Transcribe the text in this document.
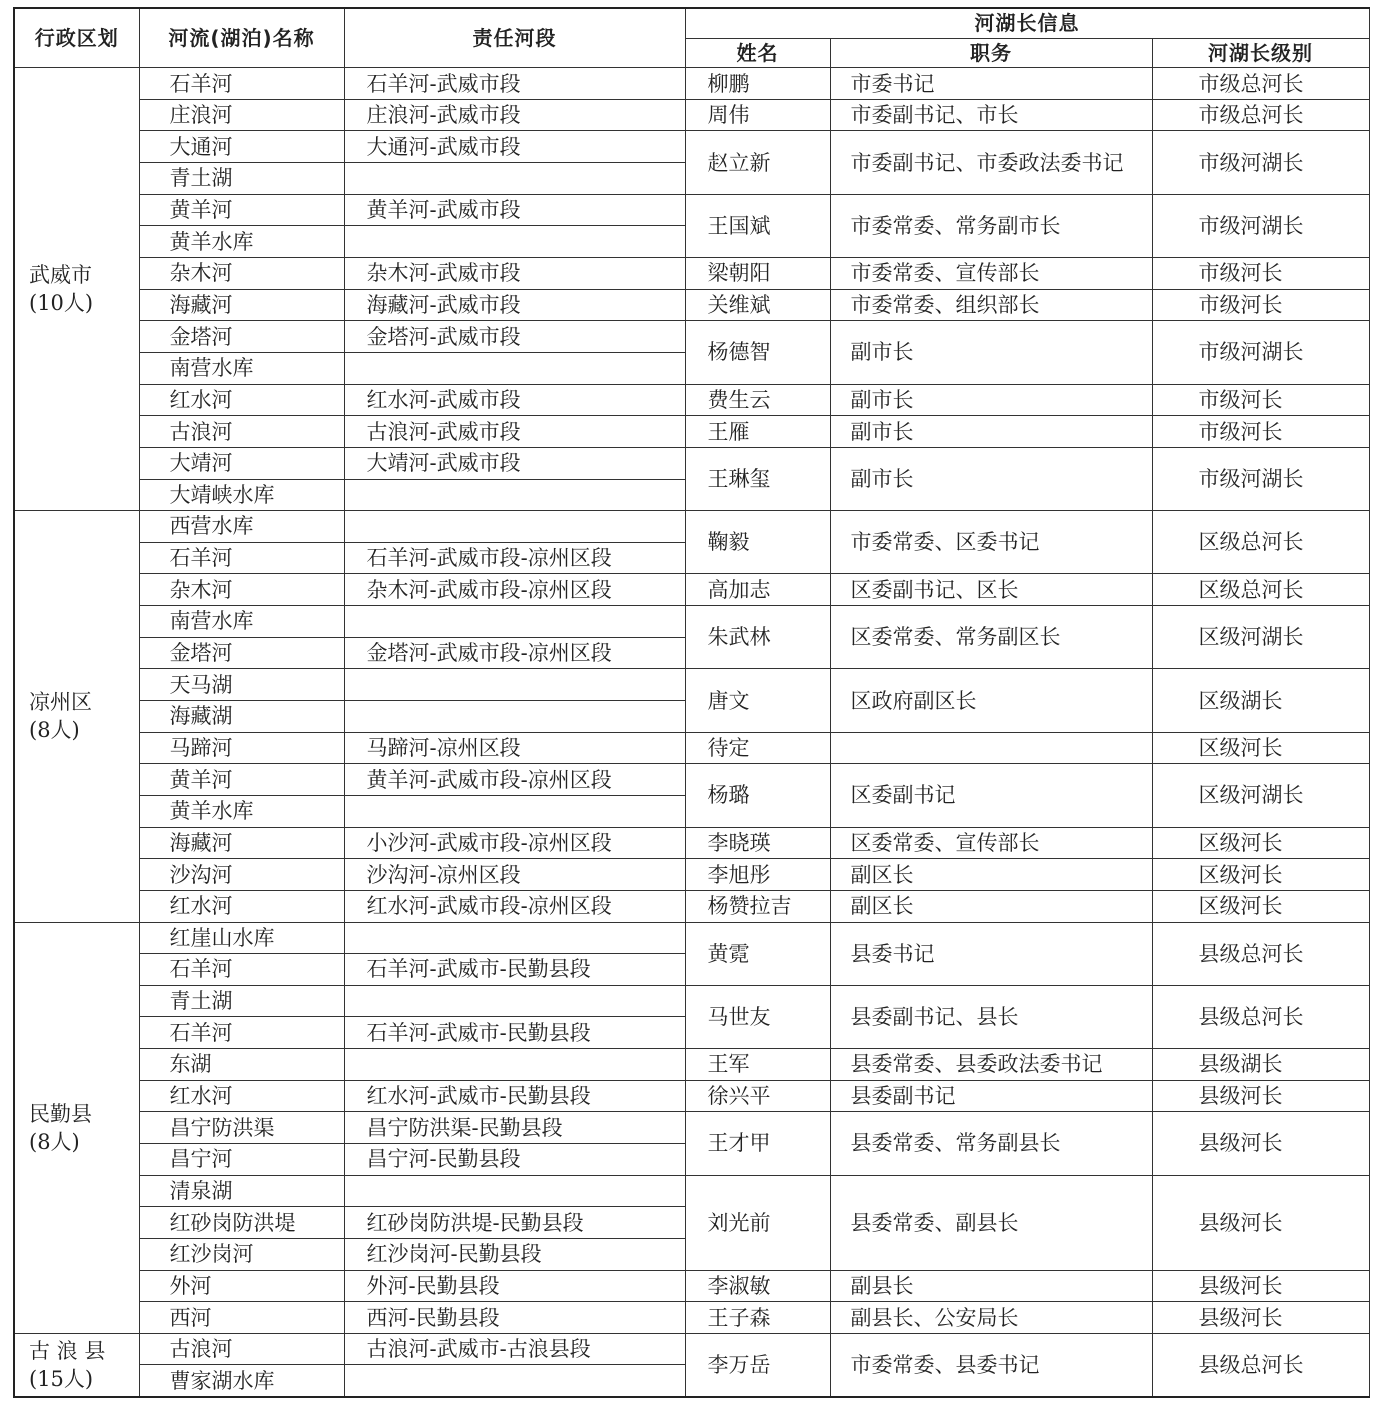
行政区划	河流(湖泊)名称	责任河段	河湖长信息		
			姓名	职务	河湖长级别

武威市
(10人)	石羊河	石羊河-武威市段	柳鹏	市委书记	市级总河长
	庄浪河	庄浪河-武威市段	周伟	市委副书记、市长	市级总河长
	大通河	大通河-武威市段	赵立新	市委副书记、市委政法委书记	市级河湖长
	青土湖				
	黄羊河	黄羊河-武威市段	王国斌	市委常委、常务副市长	市级河湖长
	黄羊水库				
	杂木河	杂木河-武威市段	梁朝阳	市委常委、宣传部长	市级河长
	海藏河	海藏河-武威市段	关维斌	市委常委、组织部长	市级河长
	金塔河	金塔河-武威市段	杨德智	副市长	市级河湖长
	南营水库				
	红水河	红水河-武威市段	费生云	副市长	市级河长
	古浪河	古浪河-武威市段	王雁	副市长	市级河长
	大靖河	大靖河-武威市段	王琳玺	副市长	市级河湖长
	大靖峡水库				

凉州区
(8人)	西营水库		鞠毅	市委常委、区委书记	区级总河长
	石羊河	石羊河-武威市段-凉州区段			
	杂木河	杂木河-武威市段-凉州区段	高加志	区委副书记、区长	区级总河长
	南营水库		朱武林	区委常委、常务副区长	区级河湖长
	金塔河	金塔河-武威市段-凉州区段			
	天马湖		唐文	区政府副区长	区级湖长
	海藏湖				
	马蹄河	马蹄河-凉州区段	待定		区级河长
	黄羊河	黄羊河-武威市段-凉州区段	杨璐	区委副书记	区级河湖长
	黄羊水库				
	海藏河	小沙河-武威市段-凉州区段	李晓瑛	区委常委、宣传部长	区级河长
	沙沟河	沙沟河-凉州区段	李旭彤	副区长	区级河长
	红水河	红水河-武威市段-凉州区段	杨赞拉吉	副区长	区级河长

民勤县
(8人)	红崖山水库		黄霓	县委书记	县级总河长
	石羊河	石羊河-武威市-民勤县段			
	青土湖		马世友	县委副书记、县长	县级总河长
	石羊河	石羊河-武威市-民勤县段			
	东湖		王军	县委常委、县委政法委书记	县级湖长
	红水河	红水河-武威市-民勤县段	徐兴平	县委副书记	县级河长
	昌宁防洪渠	昌宁防洪渠-民勤县段	王才甲	县委常委、常务副县长	县级河长
	昌宁河	昌宁河-民勤县段			
	清泉湖		刘光前	县委常委、副县长	县级河长
	红砂岗防洪堤	红砂岗防洪堤-民勤县段			
	红沙岗河	红沙岗河-民勤县段			
	外河	外河-民勤县段	李淑敏	副县长	县级河长
	西河	西河-民勤县段	王子森	副县长、公安局长	县级河长

古 浪 县
(15人)	古浪河	古浪河-武威市-古浪县段	李万岳	市委常委、县委书记	县级总河长
	曹家湖水库				
